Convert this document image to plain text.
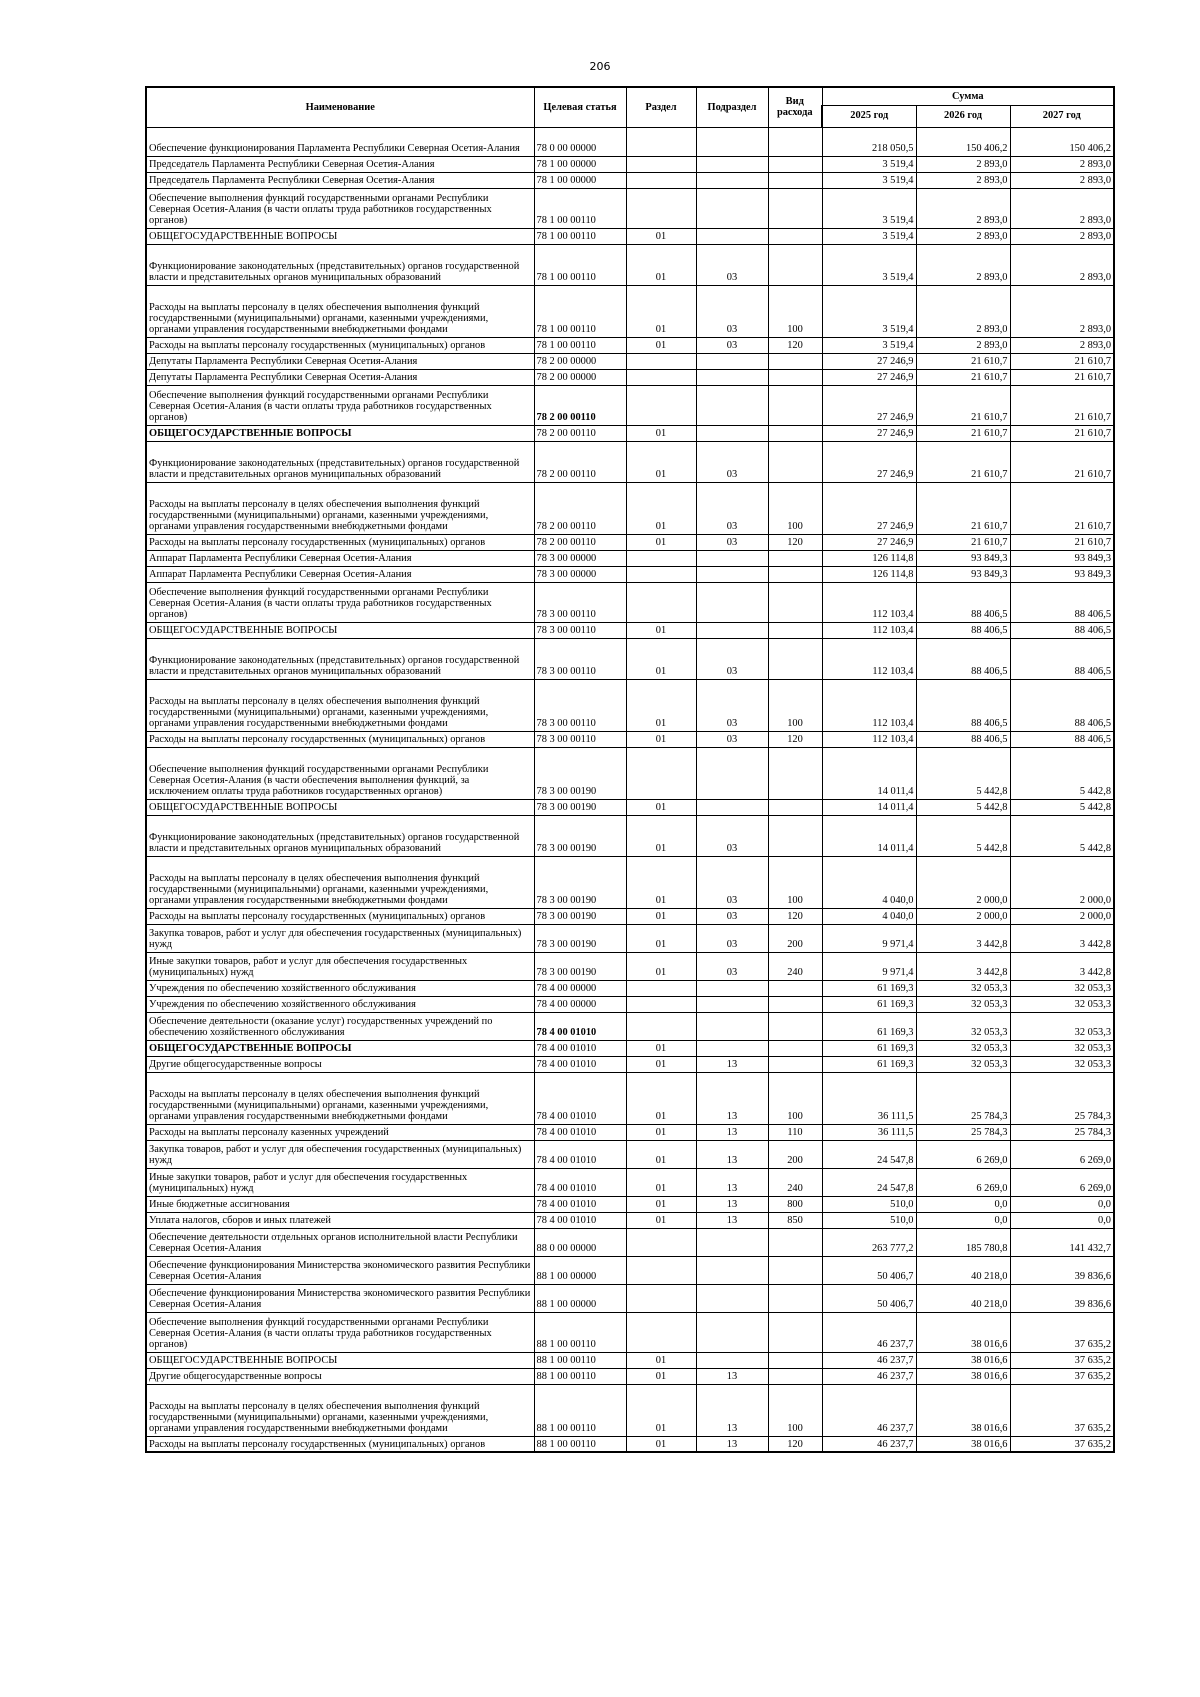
206
Наименование	Целевая статья	Раздел	Подраздел	Вид расхода	Сумма		
					2025 год	2026 год	2027 год
Обеспечение функционирования Парламента Республики Северная Осетия-Алания	78 0 00 00000				218 050,5	150 406,2	150 406,2
Председатель Парламента Республики Северная Осетия-Алания	78 1 00 00000				3 519,4	2 893,0	2 893,0
Председатель Парламента Республики Северная Осетия-Алания	78 1 00 00000				3 519,4	2 893,0	2 893,0
Обеспечение выполнения функций государственными органами Республики Северная Осетия-Алания (в части оплаты труда работников государственных органов)	78 1 00 00110				3 519,4	2 893,0	2 893,0
ОБЩЕГОСУДАРСТВЕННЫЕ ВОПРОСЫ	78 1 00 00110	01			3 519,4	2 893,0	2 893,0
Функционирование законодательных (представительных) органов государственной власти и представительных органов муниципальных образований	78 1 00 00110	01	03		3 519,4	2 893,0	2 893,0
Расходы на выплаты персоналу в целях обеспечения выполнения функций государственными (муниципальными) органами, казенными учреждениями, органами управления государственными внебюджетными фондами	78 1 00 00110	01	03	100	3 519,4	2 893,0	2 893,0
Расходы на выплаты персоналу государственных (муниципальных) органов	78 1 00 00110	01	03	120	3 519,4	2 893,0	2 893,0
Депутаты Парламента Республики Северная Осетия-Алания	78 2 00 00000				27 246,9	21 610,7	21 610,7
Депутаты Парламента Республики Северная Осетия-Алания	78 2 00 00000				27 246,9	21 610,7	21 610,7
Обеспечение выполнения функций государственными органами Республики Северная Осетия-Алания (в части оплаты труда работников государственных органов)	78 2 00 00110				27 246,9	21 610,7	21 610,7
ОБЩЕГОСУДАРСТВЕННЫЕ ВОПРОСЫ	78 2 00 00110	01			27 246,9	21 610,7	21 610,7
Функционирование законодательных (представительных) органов государственной власти и представительных органов муниципальных образований	78 2 00 00110	01	03		27 246,9	21 610,7	21 610,7
Расходы на выплаты персоналу в целях обеспечения выполнения функций государственными (муниципальными) органами, казенными учреждениями, органами управления государственными внебюджетными фондами	78 2 00 00110	01	03	100	27 246,9	21 610,7	21 610,7
Расходы на выплаты персоналу государственных (муниципальных) органов	78 2 00 00110	01	03	120	27 246,9	21 610,7	21 610,7
Аппарат Парламента Республики Северная Осетия-Алания	78 3 00 00000				126 114,8	93 849,3	93 849,3
Аппарат Парламента Республики Северная Осетия-Алания	78 3 00 00000				126 114,8	93 849,3	93 849,3
Обеспечение выполнения функций государственными органами Республики Северная Осетия-Алания (в части оплаты труда работников государственных органов)	78 3 00 00110				112 103,4	88 406,5	88 406,5
ОБЩЕГОСУДАРСТВЕННЫЕ ВОПРОСЫ	78 3 00 00110	01			112 103,4	88 406,5	88 406,5
Функционирование законодательных (представительных) органов государственной власти и представительных органов муниципальных образований	78 3 00 00110	01	03		112 103,4	88 406,5	88 406,5
Расходы на выплаты персоналу в целях обеспечения выполнения функций государственными (муниципальными) органами, казенными учреждениями, органами управления государственными внебюджетными фондами	78 3 00 00110	01	03	100	112 103,4	88 406,5	88 406,5
Расходы на выплаты персоналу государственных (муниципальных) органов	78 3 00 00110	01	03	120	112 103,4	88 406,5	88 406,5
Обеспечение выполнения функций государственными органами Республики Северная Осетия-Алания (в части обеспечения выполнения функций, за исключением оплаты труда работников государственных органов)	78 3 00 00190				14 011,4	5 442,8	5 442,8
ОБЩЕГОСУДАРСТВЕННЫЕ ВОПРОСЫ	78 3 00 00190	01			14 011,4	5 442,8	5 442,8
Функционирование законодательных (представительных) органов государственной власти и представительных органов муниципальных образований	78 3 00 00190	01	03		14 011,4	5 442,8	5 442,8
Расходы на выплаты персоналу в целях обеспечения выполнения функций государственными (муниципальными) органами, казенными учреждениями, органами управления государственными внебюджетными фондами	78 3 00 00190	01	03	100	4 040,0	2 000,0	2 000,0
Расходы на выплаты персоналу государственных (муниципальных) органов	78 3 00 00190	01	03	120	4 040,0	2 000,0	2 000,0
Закупка товаров, работ и услуг для обеспечения государственных (муниципальных) нужд	78 3 00 00190	01	03	200	9 971,4	3 442,8	3 442,8
Иные закупки товаров, работ и услуг для обеспечения государственных (муниципальных) нужд	78 3 00 00190	01	03	240	9 971,4	3 442,8	3 442,8
Учреждения по обеспечению хозяйственного обслуживания	78 4 00 00000				61 169,3	32 053,3	32 053,3
Учреждения по обеспечению хозяйственного обслуживания	78 4 00 00000				61 169,3	32 053,3	32 053,3
Обеспечение деятельности (оказание услуг) государственных учреждений по обеспечению хозяйственного обслуживания	78 4 00 01010				61 169,3	32 053,3	32 053,3
ОБЩЕГОСУДАРСТВЕННЫЕ ВОПРОСЫ	78 4 00 01010	01			61 169,3	32 053,3	32 053,3
Другие общегосударственные вопросы	78 4 00 01010	01	13		61 169,3	32 053,3	32 053,3
Расходы на выплаты персоналу в целях обеспечения выполнения функций государственными (муниципальными) органами, казенными учреждениями, органами управления государственными внебюджетными фондами	78 4 00 01010	01	13	100	36 111,5	25 784,3	25 784,3
Расходы на выплаты персоналу казенных учреждений	78 4 00 01010	01	13	110	36 111,5	25 784,3	25 784,3
Закупка товаров, работ и услуг для обеспечения государственных (муниципальных) нужд	78 4 00 01010	01	13	200	24 547,8	6 269,0	6 269,0
Иные закупки товаров, работ и услуг для обеспечения государственных (муниципальных) нужд	78 4 00 01010	01	13	240	24 547,8	6 269,0	6 269,0
Иные бюджетные ассигнования	78 4 00 01010	01	13	800	510,0	0,0	0,0
Уплата налогов, сборов и иных платежей	78 4 00 01010	01	13	850	510,0	0,0	0,0
Обеспечение деятельности отдельных органов исполнительной власти Республики Северная Осетия-Алания	88 0 00 00000				263 777,2	185 780,8	141 432,7
Обеспечение функционирования Министерства экономического развития Республики Северная Осетия-Алания	88 1 00 00000				50 406,7	40 218,0	39 836,6
Обеспечение функционирования Министерства экономического развития Республики Северная Осетия-Алания	88 1 00 00000				50 406,7	40 218,0	39 836,6
Обеспечение выполнения функций государственными органами Республики Северная Осетия-Алания (в части оплаты труда работников государственных органов)	88 1 00 00110				46 237,7	38 016,6	37 635,2
ОБЩЕГОСУДАРСТВЕННЫЕ ВОПРОСЫ	88 1 00 00110	01			46 237,7	38 016,6	37 635,2
Другие общегосударственные вопросы	88 1 00 00110	01	13		46 237,7	38 016,6	37 635,2
Расходы на выплаты персоналу в целях обеспечения выполнения функций государственными (муниципальными) органами, казенными учреждениями, органами управления государственными внебюджетными фондами	88 1 00 00110	01	13	100	46 237,7	38 016,6	37 635,2
Расходы на выплаты персоналу государственных (муниципальных) органов	88 1 00 00110	01	13	120	46 237,7	38 016,6	37 635,2
